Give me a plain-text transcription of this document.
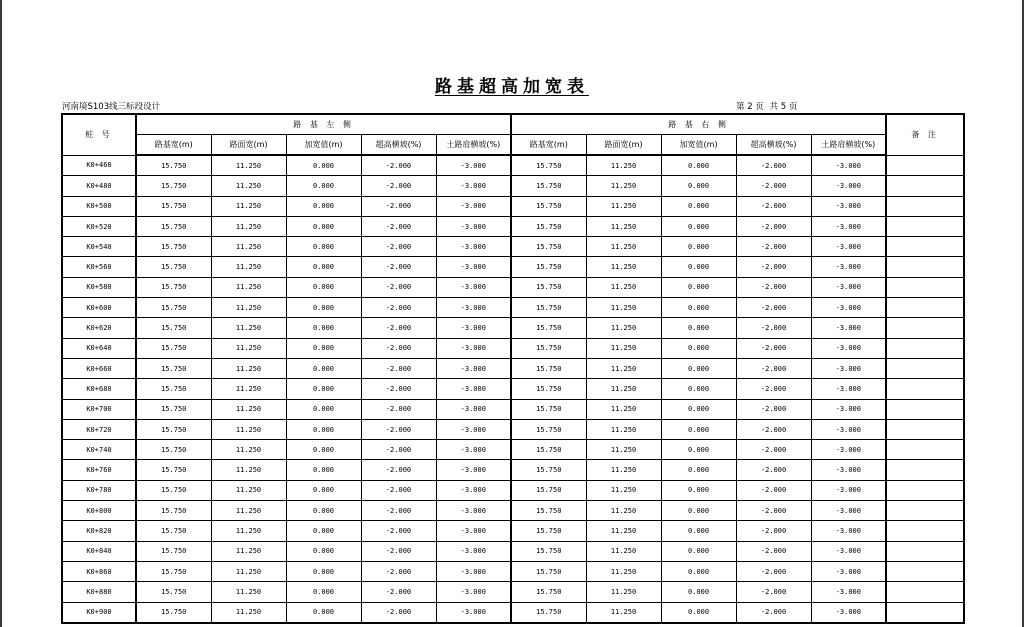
路基超高加宽表
河南境S103线三标段设计	第 2 页 共 5 页
桩 号	路 基 左 侧					路 基 右 侧					备 注
	路基宽(m)	路面宽(m)	加宽值(m)	超高横坡(%)	土路肩横坡(%)	路基宽(m)	路面宽(m)	加宽值(m)	超高横坡(%)	土路肩横坡(%)	
K0+460	15.750	11.250	0.000	-2.000	-3.000	15.750	11.250	0.000	-2.000	-3.000	
K0+480	15.750	11.250	0.000	-2.000	-3.000	15.750	11.250	0.000	-2.000	-3.000	
K0+500	15.750	11.250	0.000	-2.000	-3.000	15.750	11.250	0.000	-2.000	-3.000	
K0+520	15.750	11.250	0.000	-2.000	-3.000	15.750	11.250	0.000	-2.000	-3.000	
K0+540	15.750	11.250	0.000	-2.000	-3.000	15.750	11.250	0.000	-2.000	-3.000	
K0+560	15.750	11.250	0.000	-2.000	-3.000	15.750	11.250	0.000	-2.000	-3.000	
K0+580	15.750	11.250	0.000	-2.000	-3.000	15.750	11.250	0.000	-2.000	-3.000	
K0+600	15.750	11.250	0.000	-2.000	-3.000	15.750	11.250	0.000	-2.000	-3.000	
K0+620	15.750	11.250	0.000	-2.000	-3.000	15.750	11.250	0.000	-2.000	-3.000	
K0+640	15.750	11.250	0.000	-2.000	-3.000	15.750	11.250	0.000	-2.000	-3.000	
K0+660	15.750	11.250	0.000	-2.000	-3.000	15.750	11.250	0.000	-2.000	-3.000	
K0+680	15.750	11.250	0.000	-2.000	-3.000	15.750	11.250	0.000	-2.000	-3.000	
K0+700	15.750	11.250	0.000	-2.000	-3.000	15.750	11.250	0.000	-2.000	-3.000	
K0+720	15.750	11.250	0.000	-2.000	-3.000	15.750	11.250	0.000	-2.000	-3.000	
K0+740	15.750	11.250	0.000	-2.000	-3.000	15.750	11.250	0.000	-2.000	-3.000	
K0+760	15.750	11.250	0.000	-2.000	-3.000	15.750	11.250	0.000	-2.000	-3.000	
K0+780	15.750	11.250	0.000	-2.000	-3.000	15.750	11.250	0.000	-2.000	-3.000	
K0+800	15.750	11.250	0.000	-2.000	-3.000	15.750	11.250	0.000	-2.000	-3.000	
K0+820	15.750	11.250	0.000	-2.000	-3.000	15.750	11.250	0.000	-2.000	-3.000	
K0+840	15.750	11.250	0.000	-2.000	-3.000	15.750	11.250	0.000	-2.000	-3.000	
K0+860	15.750	11.250	0.000	-2.000	-3.000	15.750	11.250	0.000	-2.000	-3.000	
K0+880	15.750	11.250	0.000	-2.000	-3.000	15.750	11.250	0.000	-2.000	-3.000	
K0+900	15.750	11.250	0.000	-2.000	-3.000	15.750	11.250	0.000	-2.000	-3.000	
